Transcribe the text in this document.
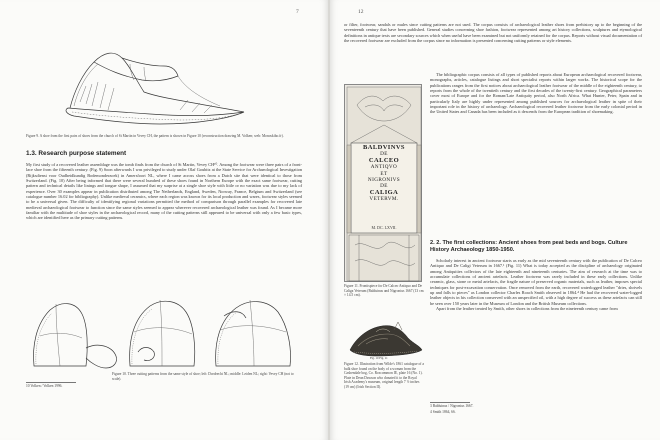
7
Figure 9. A shoe from the first pairs of shoes from the church of St Martin in Vevey CH, the pattern is shown in Figure 10 (reconstruction drawing M. Volken; web: Monoskibo.fr).
1.3. Research purpose statement

My first study of a recovered leather assemblage was the tomb finds from the church of St Martin, Vevey CH¹⁰. Among the footwear were three pairs of a front-lace shoe from the fifteenth century. (Fig. 9) Soon afterwards I was privileged to study under Olaf Goubitz at the State Service for Archaeological Investigation (Rijksdienst voor Oudheidkundig Bodemonderzoek) in Amersfoort NL, where I came across shoes from a Dutch site that were identical to those from Switzerland. (Fig. 10) After being informed that there were several hundred of these shoes found in Northern Europe with the exact same footwear, cutting pattern and technical details like linings and tongue shape, I assumed that my surprise at a single shoe style with little or no variation was due to my lack of experience. Over 30 examples appear in publication distributed among The Netherlands, England, Sweden, Norway, France, Belgium and Switzerland (see catalogue number 16.02 for bibliography). Unlike medieval ceramics, where each region was known for its local production and wares, footwear styles seemed to be a universal given. The difficulty of identifying regional variations permitted the method of comparison through parallel examples for recovered late medieval archaeological footwear to function since the same styles seemed to appear wherever recovered archaeological leather was found. As I became more familiar with the multitude of shoe styles in the archaeological record, many of the cutting patterns still appeared to be universal with only a few basic types, which are identified here as the primary cutting patterns.

Figure 10. Three cutting patterns from the same style of shoe; left: Dordrecht NL; middle: Leiden NL; right: Vevey CH (not to scale).
10 Volken / Volken 1996.
12

or filter, footwear, sandals or mules since cutting patterns are not used. The corpus consists of archaeological leather shoes from prehistory up to the beginning of the seventeenth century that have been published. General studies concerning shoe fashion, footwear represented among art history collections, sculptures and etymological definitions in antique texts are secondary sources which when useful have been examined but not uniformly retained for the corpus. Reports without visual documentation of the recovered footwear are excluded from the corpus since no information is presented concerning cutting patterns or style elements.

BALDVINVS
DE
CALCEO
ANTIQVO
ET
NIGRONIVS
DE
CALIGA
VETERVM.
M. DC. LXVII.
Figure 11. Frontispiece for De Calceo Antiquo and De Caliga Veterum (Balduinus and Nigronius 1667 (13 cm × 14.5 cm).
Fig. 10 Fig. 11
Figure 12. Illustration from Wilde's 1861 catalogue of a bulk shoe found on the body of a woman from the Cashendale bog, Co. Roscommon IE, plate 16 (No. 1). Plate in Dean Dawson who donated it to the Royal Irish Academy's museum, original length 7 ½ inches (19 cm) (Irish Section II).

The bibliographic corpus consists of all types of published reports about European archaeological recovered footwear, monographs, articles, catalogue listings and short specialist reports within larger works. The historical scope for the publications ranges from the first notices about archaeological leather footwear of the middle of the eighteenth century, to reports from the whole of the twentieth century and the first decades of the twenty-first century. Geographical parameters cover most of Europe and for the Roman/Late Antiquity period, also North Africa. What Hunter, Peter, Spain and in particularly Italy are highly under represented among published sources for archaeological leather in spite of their important role in the history of archaeology. Archaeological recovered leather footwear from the early colonial period in the United States and Canada has been included as it descends from the European tradition of shoemaking.

2. 2. The first collections: Ancient shoes from peat beds and bogs. Culture History Archaeology 1850-1950.

Scholarly interest in ancient footwear starts as early as the mid seventeenth century with the publication of De Calceo Antiquo and De Caligi Veterum in 1667.¹ (Fig. 11) What is today accepted as the discipline of archaeology originated among Antiquities collectors of the late eighteenth and nineteenth centuries. The aim of research at the time was to accumulate collections of ancient artefacts. Leather footwear was rarely included in these early collections. Unlike ceramic, glass, stone or metal artefacts, the fragile nature of preserved organic materials, such as leather, imposes special techniques for post-excavation conservation. Once removed from the earth, recovered waterlogged leather "dries, shrivels up and falls to pieces" as London collector Charles Roach Smith observed in 1864.⁴ He had the recovered water-logged leather objects in his collection conserved with an unspecified oil, with a high degree of success as these artefacts can still be seen over 150 years later in the Museum of London and the British Museum collections.

Apart from the leather treated by Smith, other shoes in collections from the nineteenth century came from

3 Balduinus / Nigronius 1667.
4 Smith 1864, 66.
